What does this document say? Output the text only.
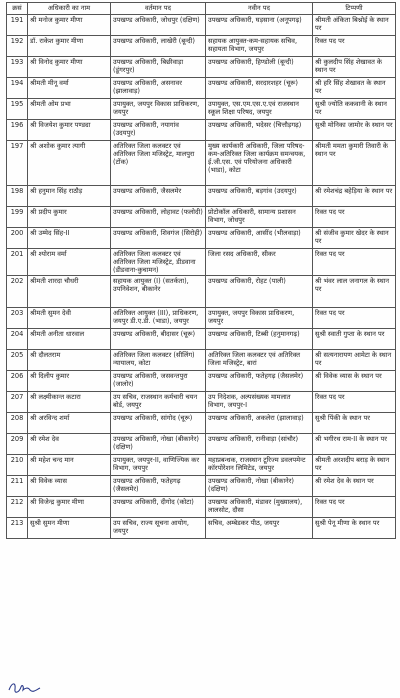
क्रसं	अधिकारी का नाम	वर्तमान पद	नवीन पद	टिप्पणी
191	श्री मनोज कुमार मीणा	उपखण्ड अधिकारी, जोधपुर (दक्षिण)	उपखण्ड अधिकारी, घड़साना (अनूपगढ़)	श्रीमती अंकिता बिश्नोई के स्थान पर
192	डॉ. राकेश कुमार मीणा	उपखण्ड अधिकारी, लाखेरी (बून्दी)	सहायक आयुक्त-कम-सहायक सचिव, सहायता विभाग, जयपुर	रिक्त पद पर
193	श्री विनोद कुमार मीणा	उपखण्ड अधिकारी, बिछीवाड़ा (डूंगरपुर)	उपखण्ड अधिकारी, हिण्डोली (बून्दी)	श्री कुलदीप सिंह शेखावत के स्थान पर
194	श्रीमती मीनू वर्मा	उपखण्ड अधिकारी, असनावर (झालावाड़)	उपखण्ड अधिकारी, सरदारशहर (चूरू)	श्री हरि सिंह शेखावत के स्थान पर
195	श्रीमती ओम प्रभा	उपायुक्त, जयपुर विकास प्राधिकरण, जयपुर	उपायुक्त, एस.एम.एस.ए.एवं राजस्थान स्कूल शिक्षा परिषद, जयपुर	सुश्री ज्योति ककवानी के स्थान पर
196	श्री विजयेश कुमार पण्ड्या	उपखण्ड अधिकारी, नयागांव (उदयपुर)	उपखण्ड अधिकारी, भदेसर (चित्तौड़गढ़)	सुश्री मोनिका जामोर के स्थान पर
197	श्री अशोक कुमार त्यागी	अतिरिक्त जिला कलक्टर एवं अतिरिक्त जिला मजिस्ट्रेट, मालपुरा (टोंक)	मुख्य कार्यकारी अधिकारी, जिला परिषद-कम-अतिरिक्त जिला कार्यक्रम समन्वयक, ई.जी.एस. एवं परियोजना अधिकारी (भाडा), कोटा	श्रीमती ममता कुमारी तिवारी के स्थान पर
198	श्री हनुमान सिंह राठौड़	उपखण्ड अधिकारी, जैसलमेर	उपखण्ड अधिकारी, बड़गांव (उदयपुर)	श्री रमेशचंद्र बहेड़िया के स्थान पर
199	श्री प्रदीप कुमार	उपखण्ड अधिकारी, लोहावट (फलोदी)	प्रोटोकॉल अधिकारी, सामान्य प्रशासन विभाग, जोधपुर	रिक्त पद पर
200	श्री उम्मेद सिंह-II	उपखण्ड अधिकारी, शिवगंज (सिरोही)	उपखण्ड अधिकारी, आसींद (भीलवाड़ा)	श्री संजीव कुमार खेदर के स्थान पर
201	श्री श्योराम वर्मा	अतिरिक्त जिला कलक्टर एवं अतिरिक्त जिला मजिस्ट्रेट, डीडवाना (डीडवाना-कुचामन)	जिला रसद अधिकारी, सीकर	रिक्त पद पर
202	श्रीमती शारदा चौधरी	सहायक आयुक्त (I) (सतर्कता), उपनिवेशन, बीकानेर	उपखण्ड अधिकारी, रोहट (पाली)	श्री भंवर लाल जनागल के स्थान पर
203	श्रीमती सुमन देवी	अतिरिक्त आयुक्त (III), प्राधिकरण, जयपुर डी.ए.डी. (भाडा), जयपुर	उपायुक्त, जयपुर विकास प्राधिकरण, जयपुर	रिक्त पद पर
204	श्रीमती अनीता धारवाल	उपखण्ड अधिकारी, बीदासर (चूरू)	उपखण्ड अधिकारी, टिब्बी (हनुमानगढ़)	सुश्री स्वाती गुप्ता के स्थान पर
205	श्री दौलतराम	अतिरिक्त जिला कलक्टर (सीलिंग) न्यायालय, कोटा	अतिरिक्त जिला कलक्टर एवं अतिरिक्त जिला मजिस्ट्रेट, बारां	श्री सत्यनारायण आमेटा के स्थान पर
206	श्री दिलीप कुमार	उपखण्ड अधिकारी, जसवन्तपुरा (जालोर)	उपखण्ड अधिकारी, फतेहगढ़ (जैसलमेर)	श्री विवेक व्यास के स्थान पर
207	श्री लक्ष्मीकान्त कटारा	उप सचिव, राजस्थान कर्मचारी चयन बोर्ड, जयपुर	उप निदेशक, अल्पसंख्यक मामलात विभाग, जयपुर-I	रिक्त पद पर
208	श्री अरविन्द शर्मा	उपखण्ड अधिकारी, सांगोद (चूरू)	उपखण्ड अधिकारी, अकलेरा (झालावाड़)	सुश्री पिंकी के स्थान पर
209	श्री रमेश देव	उपखण्ड अधिकारी, नोखा (बीकानेर) (दक्षिण)	उपखण्ड अधिकारी, रानीवाड़ा (सांचौर)	श्री भगीरथ राम-II के स्थान पर
210	श्री महेश चन्द मान	उपायुक्त, जयपुर-II, वाणिज्यिक कर विभाग, जयपुर	महाप्रबन्धक, राजस्थान टूरिज्म डवलपमेन्ट कॉरपोरेशन लिमिटेड, जयपुर	श्रीमती अरशदीप बराड़ के स्थान पर
211	श्री विवेक व्यास	उपखण्ड अधिकारी, फतेहगढ़ (जैसलमेर)	उपखण्ड अधिकारी, नोखा (बीकानेर) (दक्षिण)	श्री रमेश देव के स्थान पर
212	श्री विजेन्द्र कुमार मीणा	उपखण्ड अधिकारी, दीगोद (कोटा)	उपखण्ड अधिकारी, मंडावर (मुख्यालय), लालसोट, दौसा	रिक्त पद पर
213	सुश्री सुमन मीणा	उप सचिव, राज्य सूचना आयोग, जयपुर	सचिव, अम्बेडकर पीठ, जयपुर	सुश्री पेनू मीणा के स्थान पर
